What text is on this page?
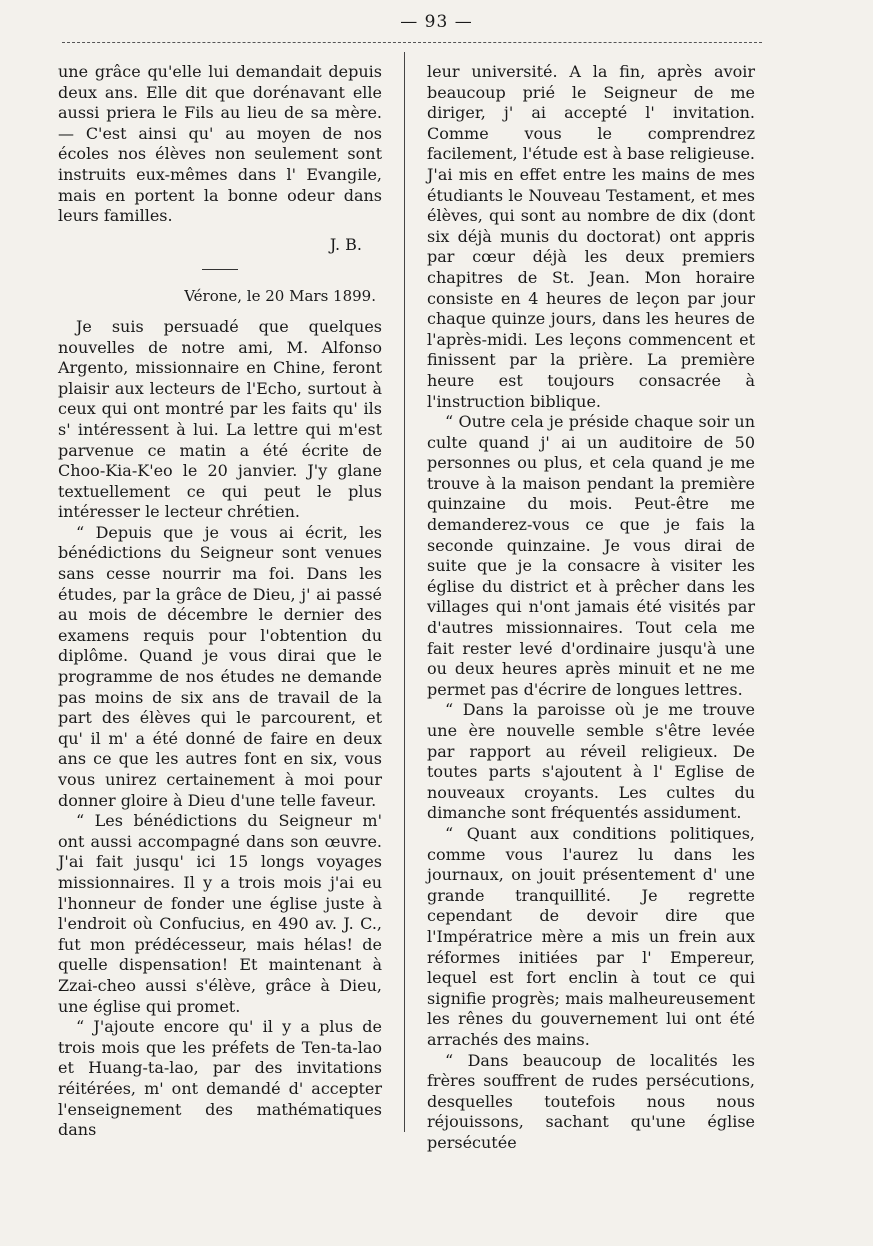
— 93 —

une grâce qu'elle lui demandait depuis deux ans. Elle dit que dorénavant elle aussi priera le Fils au lieu de sa mère. — C'est ainsi qu' au moyen de nos écoles nos élèves non seulement sont instruits eux-mêmes dans l' Evangile, mais en portent la bonne odeur dans leurs familles.

J. B.

Vérone, le 20 Mars 1899.

Je suis persuadé que quelques nouvelles de notre ami, M. Alfonso Argento, missionnaire en Chine, feront plaisir aux lecteurs de l'Echo, surtout à ceux qui ont montré par les faits qu' ils s' intéressent à lui. La lettre qui m'est parvenue ce matin a été écrite de Choo-Kia-K'eo le 20 janvier. J'y glane textuellement ce qui peut le plus intéresser le lecteur chrétien.

“ Depuis que je vous ai écrit, les bénédictions du Seigneur sont venues sans cesse nourrir ma foi. Dans les études, par la grâce de Dieu, j' ai passé au mois de décembre le dernier des examens requis pour l'obtention du diplôme. Quand je vous dirai que le programme de nos études ne demande pas moins de six ans de travail de la part des élèves qui le parcourent, et qu' il m' a été donné de faire en deux ans ce que les autres font en six, vous vous unirez certainement à moi pour donner gloire à Dieu d'une telle faveur.

“ Les bénédictions du Seigneur m' ont aussi accompagné dans son œuvre. J'ai fait jusqu' ici 15 longs voyages missionnaires. Il y a trois mois j'ai eu l'honneur de fonder une église juste à l'endroit où Confucius, en 490 av. J. C., fut mon prédécesseur, mais hélas! de quelle dispensation! Et maintenant à Zzai-cheo aussi s'élève, grâce à Dieu, une église qui promet.

“ J'ajoute encore qu' il y a plus de trois mois que les préfets de Ten-ta-lao et Huang-ta-lao, par des invitations réitérées, m' ont demandé d' accepter l'enseignement des mathématiques dans

leur université. A la fin, après avoir beaucoup prié le Seigneur de me diriger, j' ai accepté l' invitation. Comme vous le comprendrez facilement, l'étude est à base religieuse. J'ai mis en effet entre les mains de mes étudiants le Nouveau Testament, et mes élèves, qui sont au nombre de dix (dont six déjà munis du doctorat) ont appris par cœur déjà les deux premiers chapitres de St. Jean. Mon horaire consiste en 4 heures de leçon par jour chaque quinze jours, dans les heures de l'après-midi. Les leçons commencent et finissent par la prière. La première heure est toujours consacrée à l'instruction biblique.

“ Outre cela je préside chaque soir un culte quand j' ai un auditoire de 50 personnes ou plus, et cela quand je me trouve à la maison pendant la première quinzaine du mois. Peut-être me demanderez-vous ce que je fais la seconde quinzaine. Je vous dirai de suite que je la consacre à visiter les église du district et à prêcher dans les villages qui n'ont jamais été visités par d'autres missionnaires. Tout cela me fait rester levé d'ordinaire jusqu'à une ou deux heures après minuit et ne me permet pas d'écrire de longues lettres.

“ Dans la paroisse où je me trouve une ère nouvelle semble s'être levée par rapport au réveil religieux. De toutes parts s'ajoutent à l' Eglise de nouveaux croyants. Les cultes du dimanche sont fréquentés assidument.

“ Quant aux conditions politiques, comme vous l'aurez lu dans les journaux, on jouit présentement d' une grande tranquillité. Je regrette cependant de devoir dire que l'Impératrice mère a mis un frein aux réformes initiées par l' Empereur, lequel est fort enclin à tout ce qui signifie progrès; mais malheureusement les rênes du gouvernement lui ont été arrachés des mains.

“ Dans beaucoup de localités les frères souffrent de rudes persécutions, desquelles toutefois nous nous réjouissons, sachant qu'une église persécutée
